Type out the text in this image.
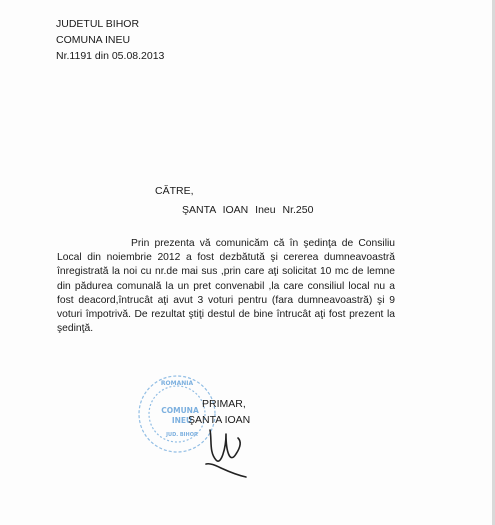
JUDETUL BIHOR
COMUNA INEU
Nr.1191 din 05.08.2013
CĂTRE,
ŞANTA IOAN Ineu Nr.250
Prin prezenta vă comunicăm că în şedinţa de Consiliu Local din noiembrie 2012 a fost dezbătută şi cererea dumneavoastră înregistrată la noi cu nr.de mai sus ,prin care aţi solicitat 10 mc de lemne din pădurea comunală la un pret convenabil ,la care consiliul local nu a fost deacord,întrucât aţi avut 3 voturi pentru (fara dumneavoastră) şi 9 voturi împotrivă. De rezultat ştiţi destul de bine întrucât aţi fost prezent la şedinţă.
ROMÂNIA
COMUNA
INEU
JUD. BIHOR
PRIMAR,
ŞANTA IOAN
